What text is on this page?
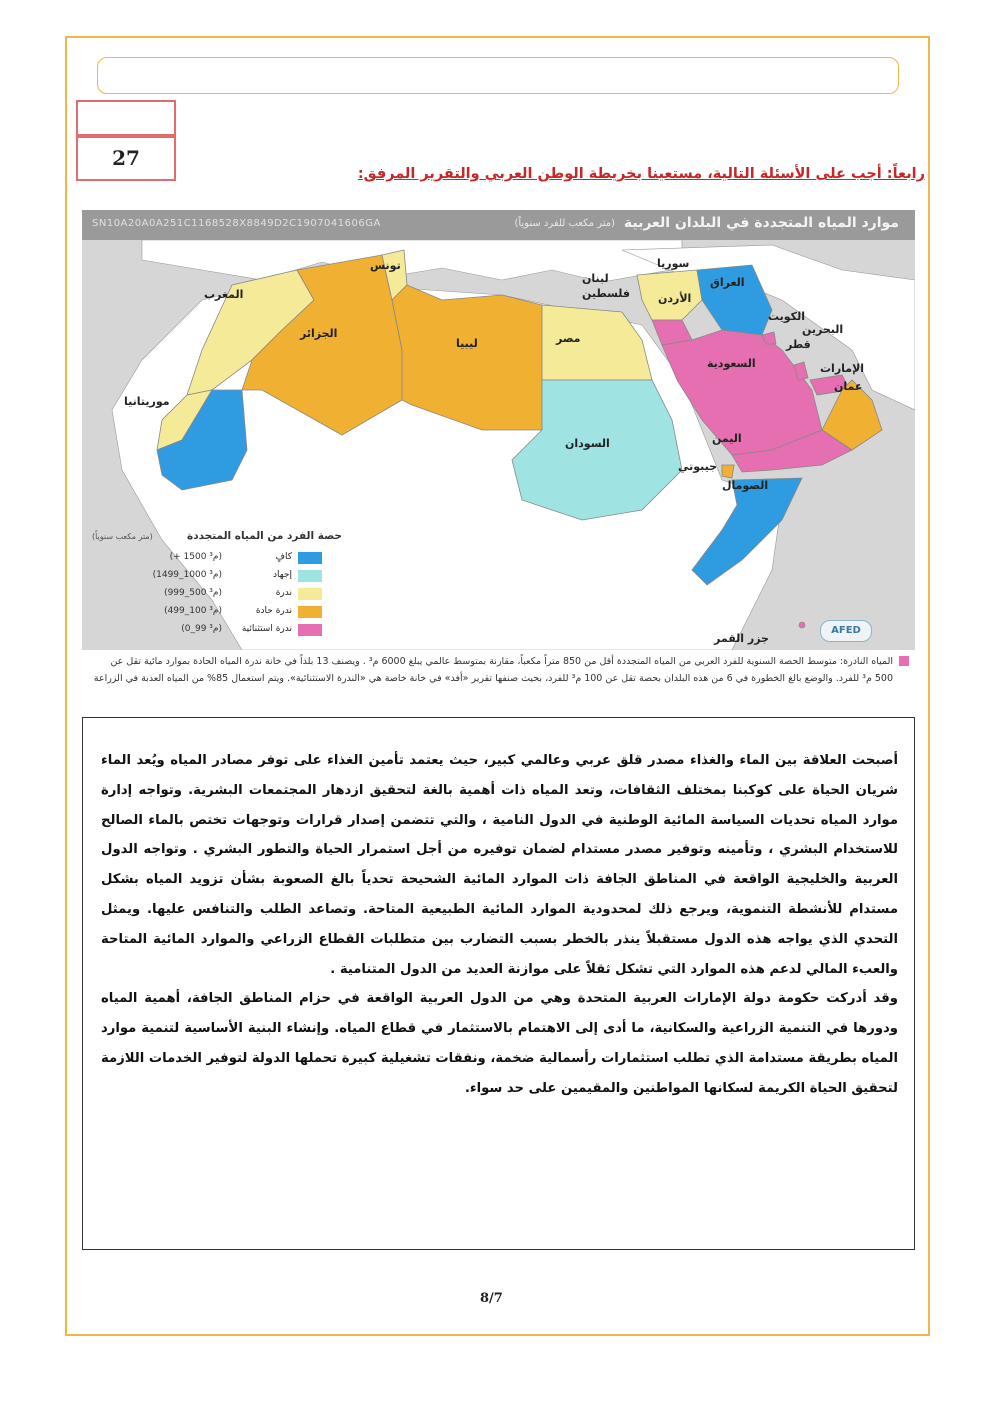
27
رابعاً: أجب على الأسئلة التالية، مستعينا بخريطة الوطن العربي والتقرير المرفق:
موارد المياه المتجددة في البلدان العربية
(متر مكعب للفرد سنوياً)
SN10A20A0A251C1168528X8849D2C1907041606GA
تونس
المغرب
الجزائر
ليبيا
موريتانيا
مصر
السودان
سوريا
لبنان
فلسطين	الأردن
العراق
الكويت
البحرين
قطر
الإمارات
السعودية
عمان
اليمن
جيبوتي
الصومال
جزر القمر
حصة الفرد من المياه المتجددة
(متر مكعب سنوياً)
كافٍ
(+ 1500 م³)
إجهاد
(1499_1000 م³)
ندرة
(999_500 م³)
ندرة حادة
(499_100 م³)
ندرة استثنائية
(0_99 م³)	AFED
المياه النادرة: متوسط الحصة السنوية للفرد العربي من المياه المتجددة أقل من 850 متراً مكعباً، مقارنة بمتوسط عالمي يبلغ 6000 م³ . ويصنف 13 بلداً في خانة ندرة المياه الحادة بموارد مائية تقل عن 500 م³ للفرد. والوضع بالغ الخطورة في 6 من هذه البلدان بحصة تقل عن 100 م³ للفرد، بحيث صنفها تقرير «أفد» في خانة خاصة هي «الندرة الاستثنائية». ويتم استعمال 85% من المياه العذبة في الزراعة

أصبحت العلاقة بين الماء والغذاء مصدر قلق عربي وعالمي كبير، حيث يعتمد تأمين الغذاء على توفر مصادر المياه ويُعد الماء شريان الحياة على كوكبنا بمختلف الثقافات، وتعد المياه ذات أهمية بالغة لتحقيق ازدهار المجتمعات البشرية. وتواجه إدارة موارد المياه تحديات السياسة المائية الوطنية في الدول النامية ، والتي تتضمن إصدار قرارات وتوجهات تختص بالماء الصالح للاستخدام البشري ، وتأمينه وتوفير مصدر مستدام لضمان توفيره من أجل استمرار الحياة والتطور البشري . وتواجه الدول العربية والخليجية الواقعة في المناطق الجافة ذات الموارد المائية الشحيحة تحدياً بالغ الصعوبة بشأن تزويد المياه بشكل مستدام للأنشطة التنموية، ويرجع ذلك لمحدودية الموارد المائية الطبيعية المتاحة. وتصاعد الطلب والتنافس عليها. ويمثل التحدي الذي يواجه هذه الدول مستقبلاً ينذر بالخطر بسبب التضارب بين متطلبات القطاع الزراعي والموارد المائية المتاحة والعبء المالي لدعم هذه الموارد التي تشكل ثقلاً على موازنة العديد من الدول المتنامية .

وقد أدركت حكومة دولة الإمارات العربية المتحدة وهي من الدول العربية الواقعة في حزام المناطق الجافة، أهمية المياه ودورها في التنمية الزراعية والسكانية، ما أدى إلى الاهتمام بالاستثمار في قطاع المياه. وإنشاء البنية الأساسية لتنمية موارد المياه بطريقة مستدامة الذي تطلب استثمارات رأسمالية ضخمة، ونفقات تشغيلية كبيرة تحملها الدولة لتوفير الخدمات اللازمة لتحقيق الحياة الكريمة لسكانها المواطنين والمقيمين على حد سواء.

8/7
